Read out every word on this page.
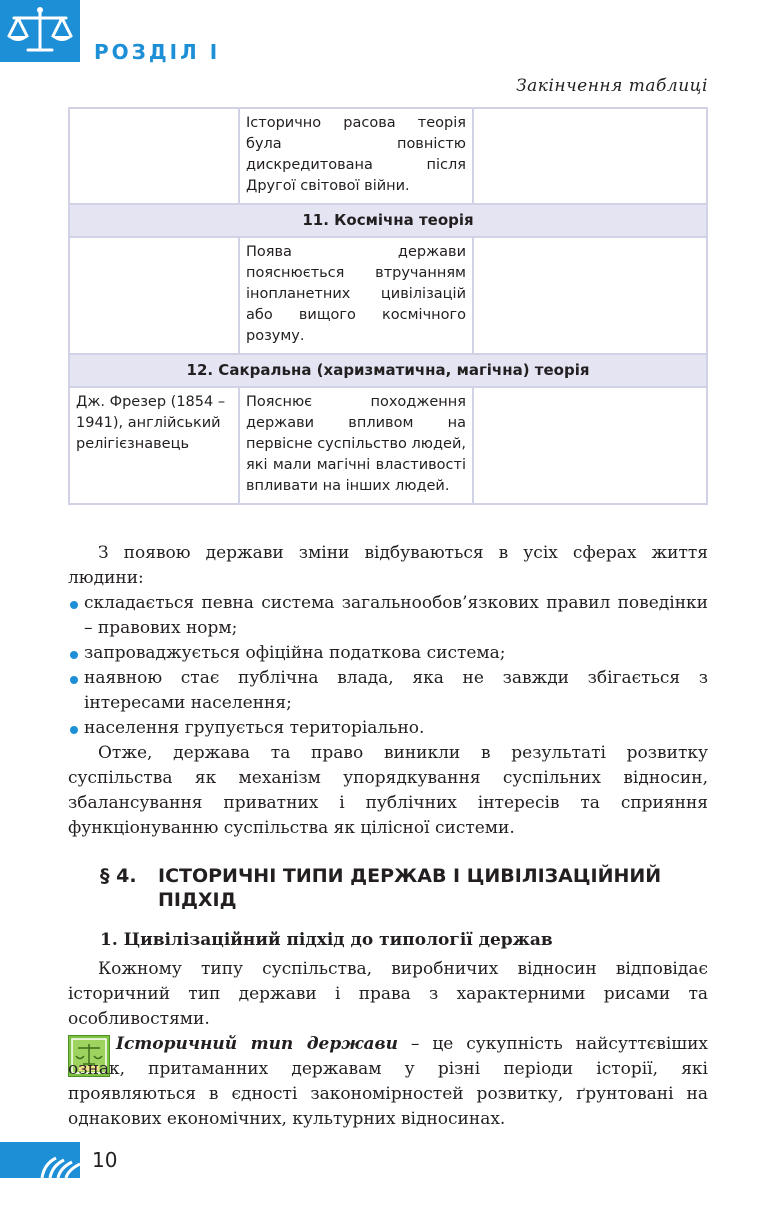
РОЗДІЛ І
Закінчення таблиці
	Історично расова теорія була повністю дискредитована після Другої світової війни.	
11. Космічна теорія		
	Поява держави пояснюється втручанням інопланетних цивілізацій або вищого космічного розуму.	
12. Сакральна (харизматична, магічна) теорія		
Дж. Фрезер (1854 –1941), англійський релігієзнавець	Пояснює походження держави впливом на первісне суспільство людей, які мали магічні властивості впливати на інших людей.	
З появою держави зміни відбуваються в усіх сферах життя людини:
складається певна система загальнообов’язкових правил поведінки – правових норм;
запроваджується офіційна податкова система;
наявною стає публічна влада, яка не завжди збігається з інтересами населення;
населення групується територіально.
Отже, держава та право виникли в результаті розвитку суспільства як механізм упорядкування суспільних відносин, збалансування приватних і публічних інтересів та сприяння функціонуванню суспільства як цілісної системи.
§ 4. ІСТОРИЧНІ ТИПИ ДЕРЖАВ І ЦИВІЛІЗАЦІЙНИЙ ПІДХІД
1. Цивілізаційний підхід до типології держав
Кожному типу суспільства, виробничих відносин відповідає історичний тип держави і права з характерними рисами та особливостями.
Історичний тип держави – це сукупність найсуттєвіших ознак, притаманних державам у різні періоди історії, які проявляються в єдності закономірностей розвитку, ґрунтовані на однакових економічних, культурних відносинах.
10
